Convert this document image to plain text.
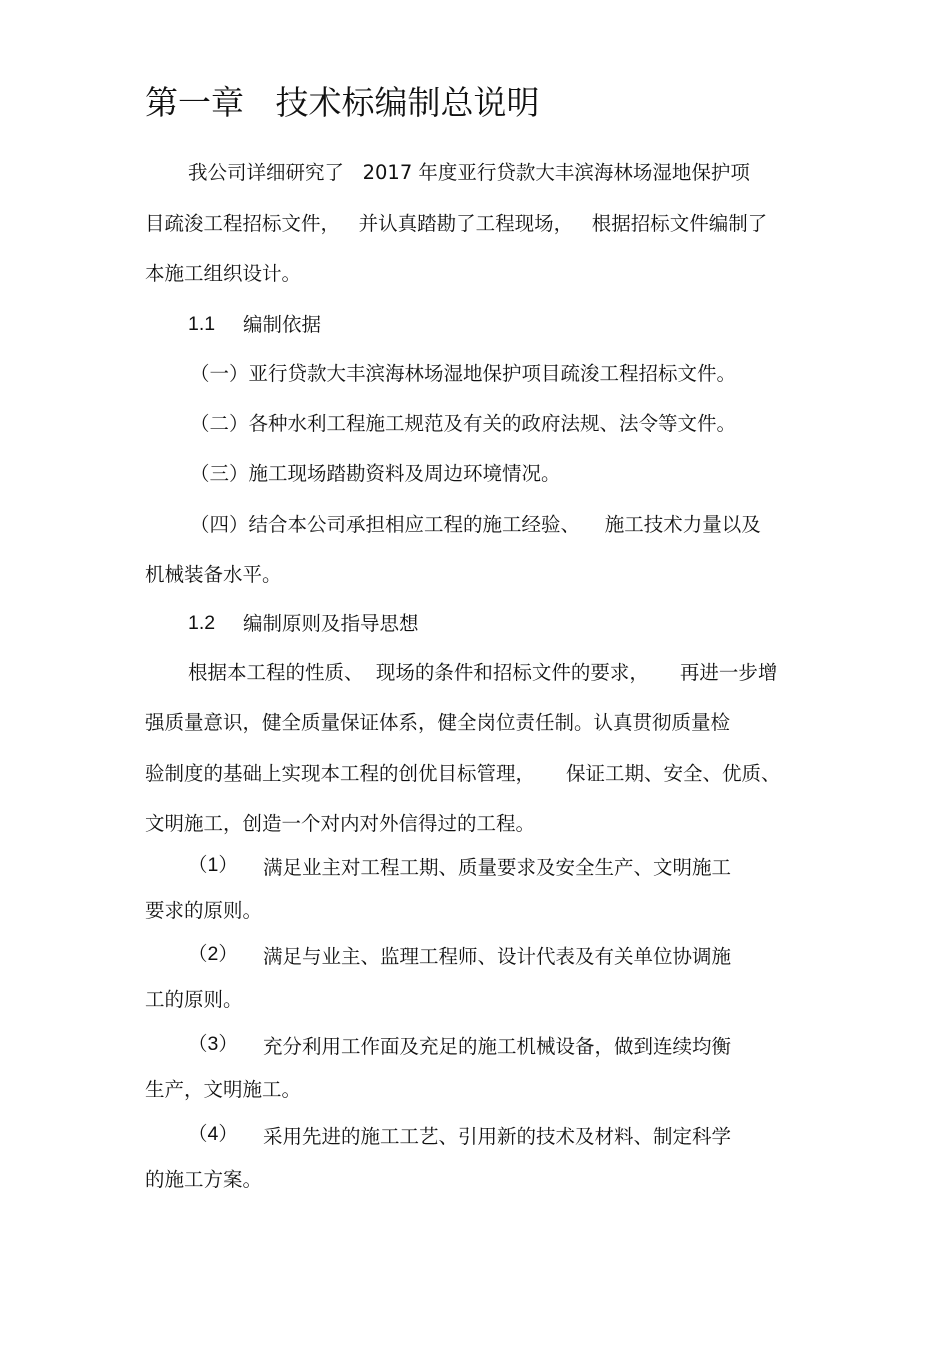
第一章   技术标编制总说明
我公司详细研究了   2017 年度亚行贷款大丰滨海林场湿地保护项
目疏浚工程招标文件，   并认真踏勘了工程现场，   根据招标文件编制了
本施工组织设计。
1.1 编制依据
（一）亚行贷款大丰滨海林场湿地保护项目疏浚工程招标文件。
（二）各种水利工程施工规范及有关的政府法规、法令等文件。
（三）施工现场踏勘资料及周边环境情况。
（四）结合本公司承担相应工程的施工经验、    施工技术力量以及
机械装备水平。
1.2 编制原则及指导思想
根据本工程的性质、  现场的条件和招标文件的要求，     再进一步增
强质量意识，健全质量保证体系，健全岗位责任制。认真贯彻质量检
验制度的基础上实现本工程的创优目标管理，     保证工期、安全、优质、
文明施工，创造一个对内对外信得过的工程。
（1） 满足业主对工程工期、质量要求及安全生产、文明施工
要求的原则。
（2） 满足与业主、监理工程师、设计代表及有关单位协调施
工的原则。
（3） 充分利用工作面及充足的施工机械设备，做到连续均衡
生产，文明施工。
（4） 采用先进的施工工艺、引用新的技术及材料、制定科学
的施工方案。
